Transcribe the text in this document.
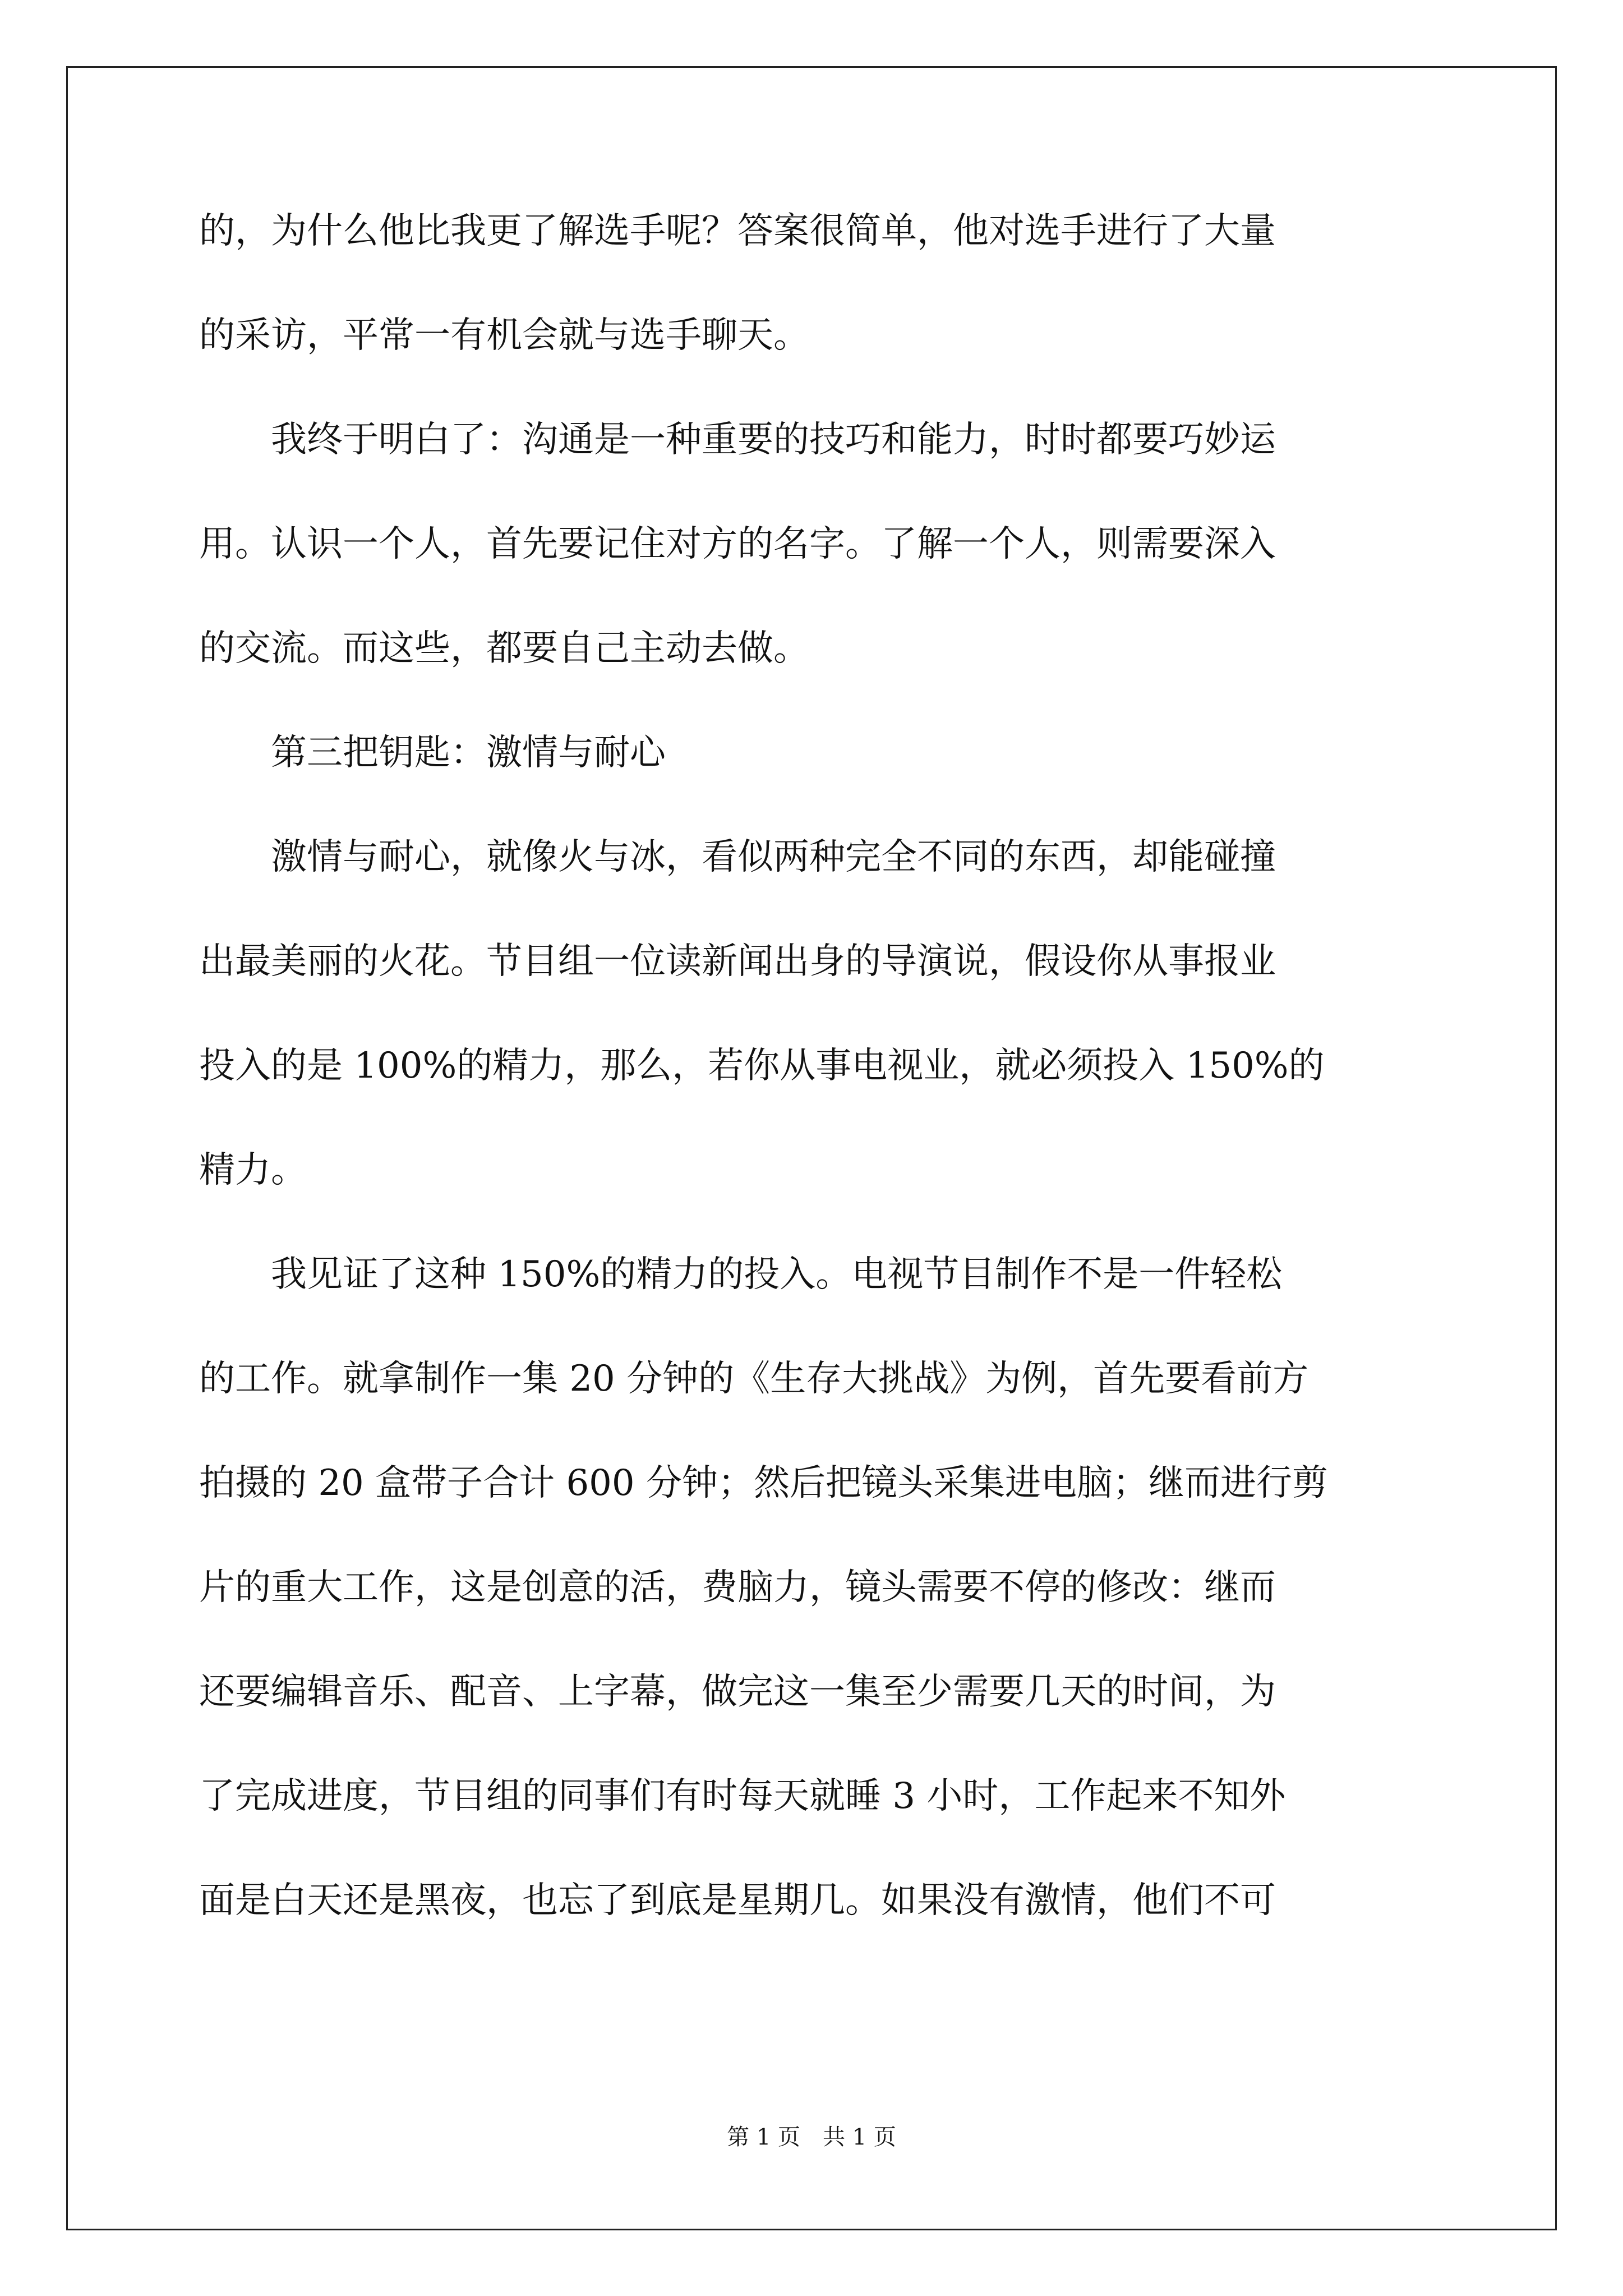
的，为什么他比我更了解选手呢？答案很简单，他对选手进行了大量
的采访，平常一有机会就与选手聊天。
　　我终于明白了：沟通是一种重要的技巧和能力，时时都要巧妙运
用。认识一个人，首先要记住对方的名字。了解一个人，则需要深入
的交流。而这些，都要自己主动去做。
　　第三把钥匙：激情与耐心
　　激情与耐心，就像火与冰，看似两种完全不同的东西，却能碰撞
出最美丽的火花。节目组一位读新闻出身的导演说，假设你从事报业
投入的是 100%的精力，那么，若你从事电视业，就必须投入 150%的
精力。
　　我见证了这种 150%的精力的投入。电视节目制作不是一件轻松
的工作。就拿制作一集 20 分钟的《生存大挑战》为例，首先要看前方
拍摄的 20 盒带子合计 600 分钟；然后把镜头采集进电脑；继而进行剪
片的重大工作，这是创意的活，费脑力，镜头需要不停的修改：继而
还要编辑音乐、配音、上字幕，做完这一集至少需要几天的时间，为
了完成进度，节目组的同事们有时每天就睡 3 小时，工作起来不知外
面是白天还是黑夜，也忘了到底是星期几。如果没有激情，他们不可
第 1 页　共 1 页
